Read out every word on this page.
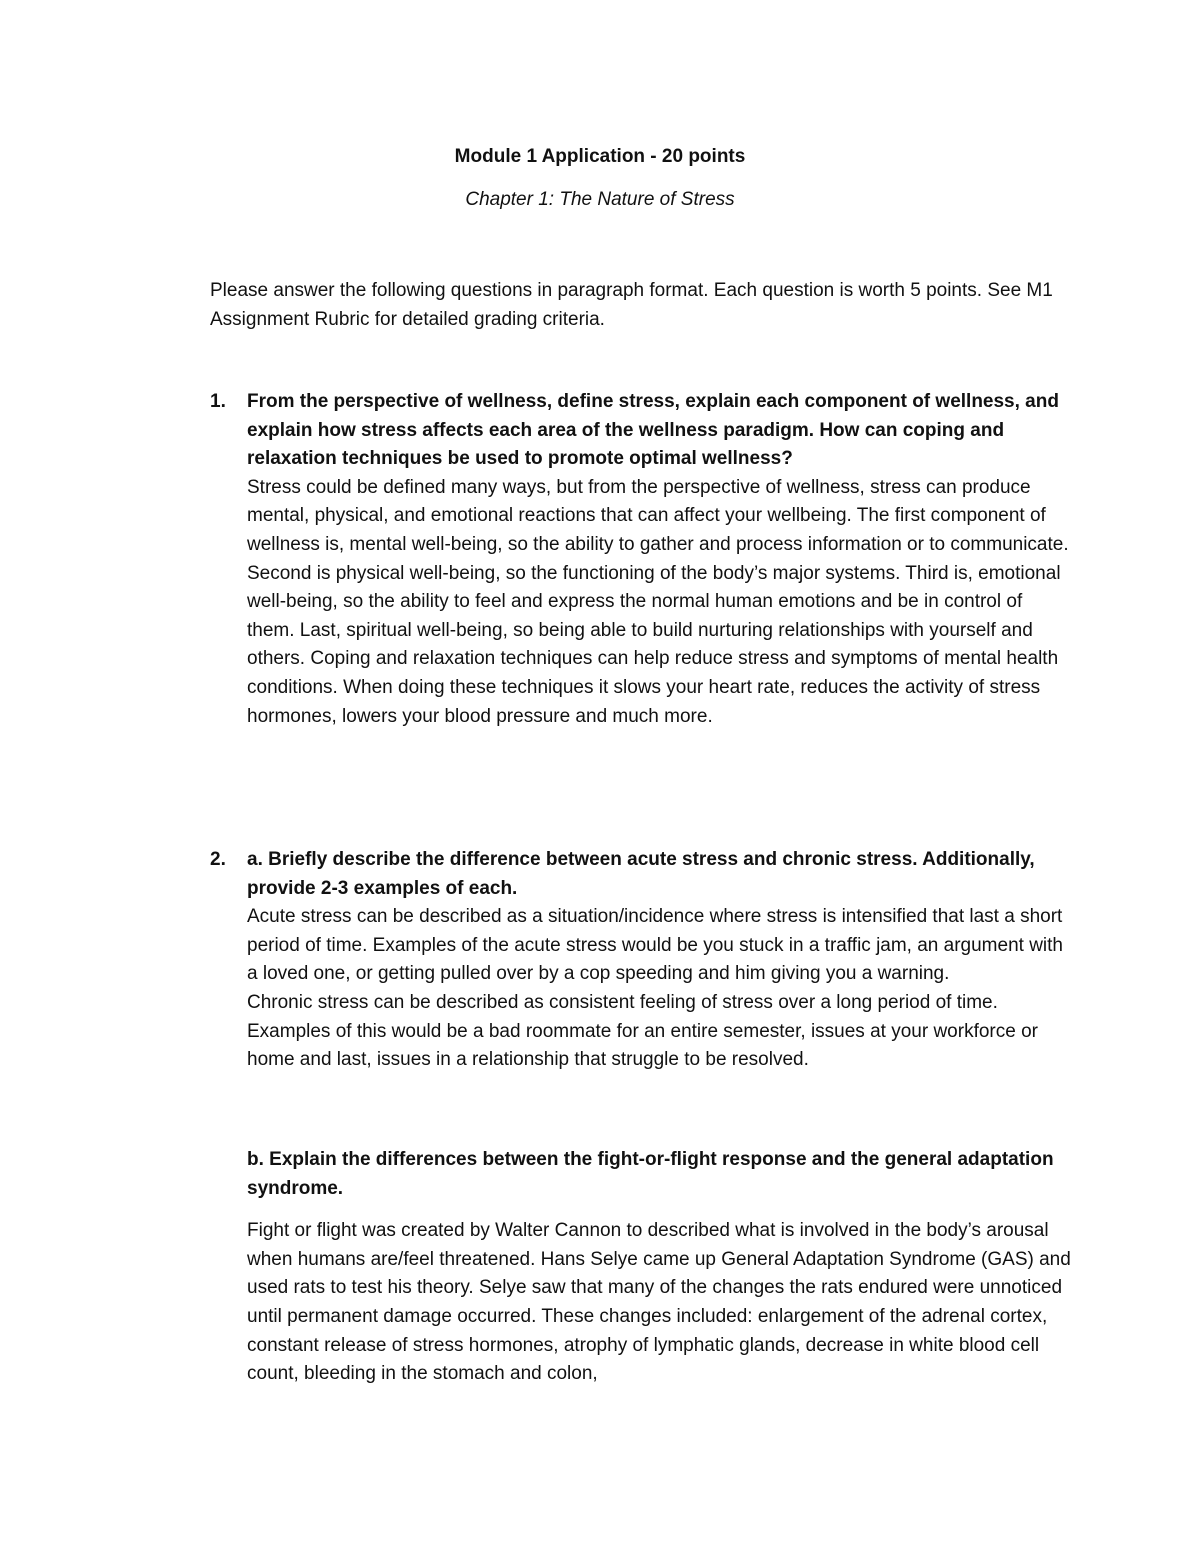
Module 1 Application - 20 points
Chapter 1: The Nature of Stress
Please answer the following questions in paragraph format. Each question is worth 5 points. See M1 Assignment Rubric for detailed grading criteria.
1. From the perspective of wellness, define stress, explain each component of wellness, and explain how stress affects each area of the wellness paradigm. How can coping and relaxation techniques be used to promote optimal wellness?

Stress could be defined many ways, but from the perspective of wellness, stress can produce mental, physical, and emotional reactions that can affect your wellbeing. The first component of wellness is, mental well-being, so the ability to gather and process information or to communicate. Second is physical well-being, so the functioning of the body’s major systems. Third is, emotional well-being, so the ability to feel and express the normal human emotions and be in control of them. Last, spiritual well-being, so being able to build nurturing relationships with yourself and others. Coping and relaxation techniques can help reduce stress and symptoms of mental health conditions. When doing these techniques it slows your heart rate, reduces the activity of stress hormones, lowers your blood pressure and much more.

2. a. Briefly describe the difference between acute stress and chronic stress. Additionally, provide 2-3 examples of each.

Acute stress can be described as a situation/incidence where stress is intensified that last a short period of time. Examples of the acute stress would be you stuck in a traffic jam, an argument with a loved one, or getting pulled over by a cop speeding and him giving you a warning.

Chronic stress can be described as consistent feeling of stress over a long period of time. Examples of this would be a bad roommate for an entire semester, issues at your workforce or home and last, issues in a relationship that struggle to be resolved.

b. Explain the differences between the fight-or-flight response and the general adaptation syndrome.
Fight or flight was created by Walter Cannon to described what is involved in the body’s arousal when humans are/feel threatened. Hans Selye came up General Adaptation Syndrome (GAS) and used rats to test his theory. Selye saw that many of the changes the rats endured were unnoticed until permanent damage occurred. These changes included: enlargement of the adrenal cortex, constant release of stress hormones, atrophy of lymphatic glands, decrease in white blood cell count, bleeding in the stomach and colon,
